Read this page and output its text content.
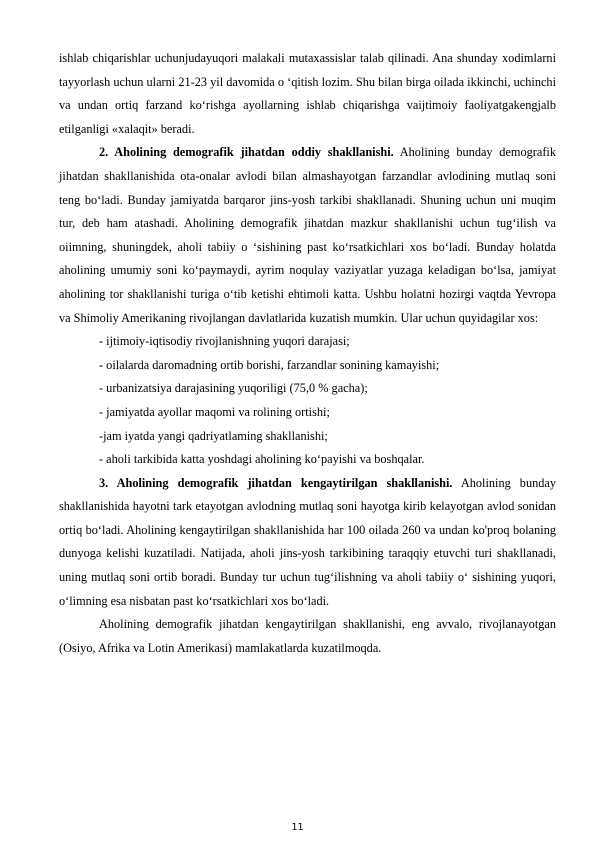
ishlab chiqarishlar uchunjudayuqori malakali mutaxassislar talab qilinadi. Ana shunday xodimlarni tayyorlash uchun ularni 21-23 yil davomida o ‘qitish lozim. Shu bilan birga oilada ikkinchi, uchinchi va undan ortiq farzand ko‘rishga ayollarning ishlab chiqarishga vaijtimoiy faoliyatgakengjalb etilganligi «xalaqit» beradi.

2. Aholining demografik jihatdan oddiy shakllanishi. Aholining bunday demografik jihatdan shakllanishida ota-onalar avlodi bilan almashayotgan farzandlar avlodining mutlaq soni teng bo‘ladi. Bunday jamiyatda barqaror jins-yosh tarkibi shakllanadi. Shuning uchun uni muqim tur, deb ham atashadi. Aholining demografik jihatdan mazkur shakllanishi uchun tug‘ilish va oiimning, shuningdek, aholi tabiiy o ‘sishining past ko‘rsatkichlari xos bo‘ladi. Bunday holatda aholining umumiy soni ko‘paymaydi, ayrim noqulay vaziyatlar yuzaga keladigan bo‘lsa, jamiyat aholining tor shakllanishi turiga o‘tib ketishi ehtimoli katta. Ushbu holatni hozirgi vaqtda Yevropa va Shimoliy Amerikaning rivojlangan davlatlarida kuzatish mumkin. Ular uchun quyidagilar xos:

- ijtimoiy-iqtisodiy rivojlanishning yuqori darajasi;

- oilalarda daromadning ortib borishi, farzandlar sonining kamayishi;

- urbanizatsiya darajasining yuqoriligi (75,0 % gacha);

- jamiyatda ayollar maqomi va rolining ortishi;

-jam iyatda yangi qadriyatlaming shakllanishi;

- aholi tarkibida katta yoshdagi aholining ko‘payishi va boshqalar.

3. Aholining demografik jihatdan kengaytirilgan shakllanishi. Aholining bunday shakllanishida hayotni tark etayotgan avlodning mutlaq soni hayotga kirib kelayotgan avlod sonidan ortiq bo‘ladi. Aholining kengaytirilgan shakllanishida har 100 oilada 260 va undan ko'proq bolaning dunyoga kelishi kuzatiladi. Natijada, aholi jins-yosh tarkibining taraqqiy etuvchi turi shakllanadi, uning mutlaq soni ortib boradi. Bunday tur uchun tug‘ilishning va aholi tabiiy o‘ sishining yuqori, o‘limning esa nisbatan past ko‘rsatkichlari xos bo‘ladi.

Aholining demografik jihatdan kengaytirilgan shakllanishi, eng avvalo, rivojlanayotgan (Osiyo, Afrika va Lotin Amerikasi) mamlakatlarda kuzatilmoqda.

11
